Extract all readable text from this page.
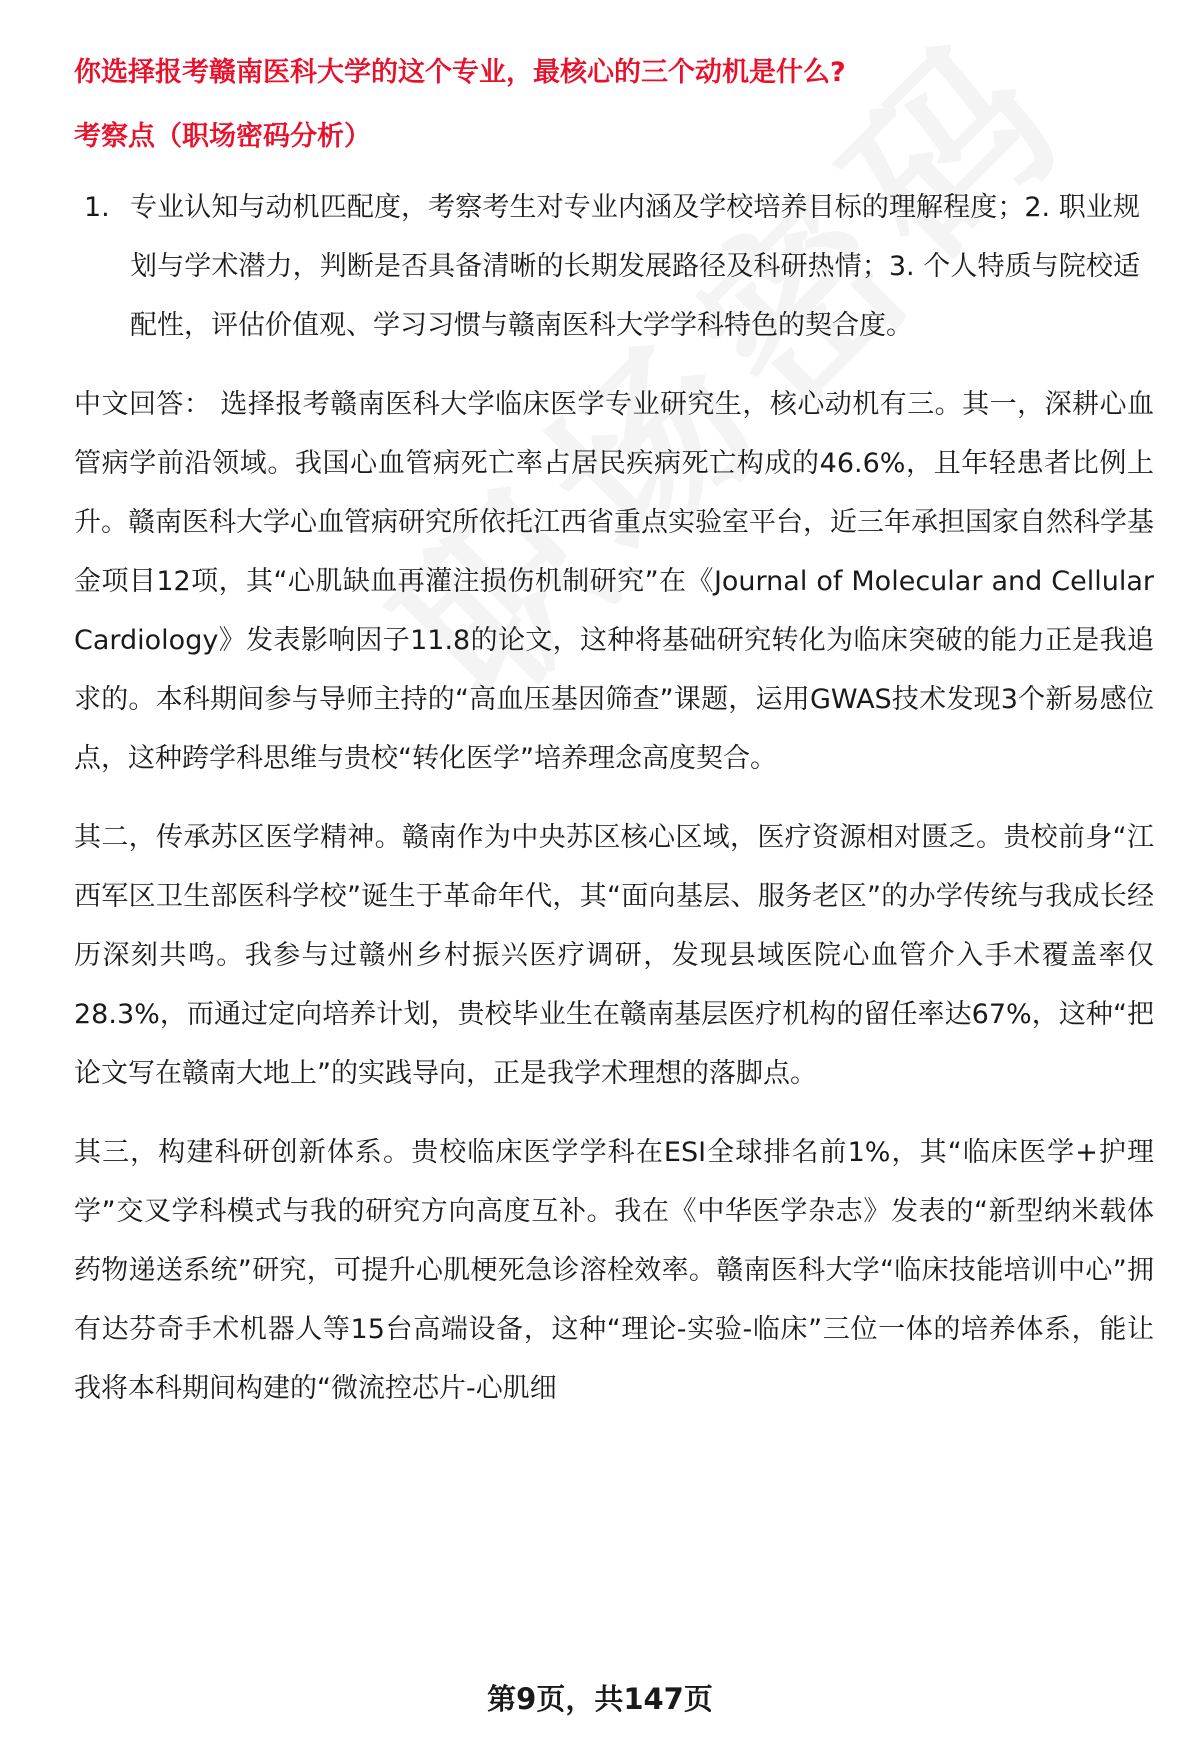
你选择报考赣南医科大学的这个专业，最核心的三个动机是什么?
考察点（职场密码分析）
1. 专业认知与动机匹配度，考察考生对专业内涵及学校培养目标的理解程度；2. 职业规划与学术潜力，判断是否具备清晰的长期发展路径及科研热情；3. 个人特质与院校适配性，评估价值观、学习习惯与赣南医科大学学科特色的契合度。
中文回答： 选择报考赣南医科大学临床医学专业研究生，核心动机有三。其一，深耕心血管病学前沿领域。我国心血管病死亡率占居民疾病死亡构成的46.6%，且年轻患者比例上升。赣南医科大学心血管病研究所依托江西省重点实验室平台，近三年承担国家自然科学基金项目12项，其“心肌缺血再灌注损伤机制研究”在《Journal of Molecular and Cellular Cardiology》发表影响因子11.8的论文，这种将基础研究转化为临床突破的能力正是我追求的。本科期间参与导师主持的“高血压基因筛查”课题，运用GWAS技术发现3个新易感位点，这种跨学科思维与贵校“转化医学”培养理念高度契合。
其二，传承苏区医学精神。赣南作为中央苏区核心区域，医疗资源相对匮乏。贵校前身“江西军区卫生部医科学校”诞生于革命年代，其“面向基层、服务老区”的办学传统与我成长经历深刻共鸣。我参与过赣州乡村振兴医疗调研，发现县域医院心血管介入手术覆盖率仅28.3%，而通过定向培养计划，贵校毕业生在赣南基层医疗机构的留任率达67%，这种“把论文写在赣南大地上”的实践导向，正是我学术理想的落脚点。
其三，构建科研创新体系。贵校临床医学学科在ESI全球排名前1%，其“临床医学+护理学”交叉学科模式与我的研究方向高度互补。我在《中华医学杂志》发表的“新型纳米载体药物递送系统”研究，可提升心肌梗死急诊溶栓效率。赣南医科大学“临床技能培训中心”拥有达芬奇手术机器人等15台高端设备，这种“理论-实验-临床”三位一体的培养体系，能让我将本科期间构建的“微流控芯片-心肌细
第9页，共147页
